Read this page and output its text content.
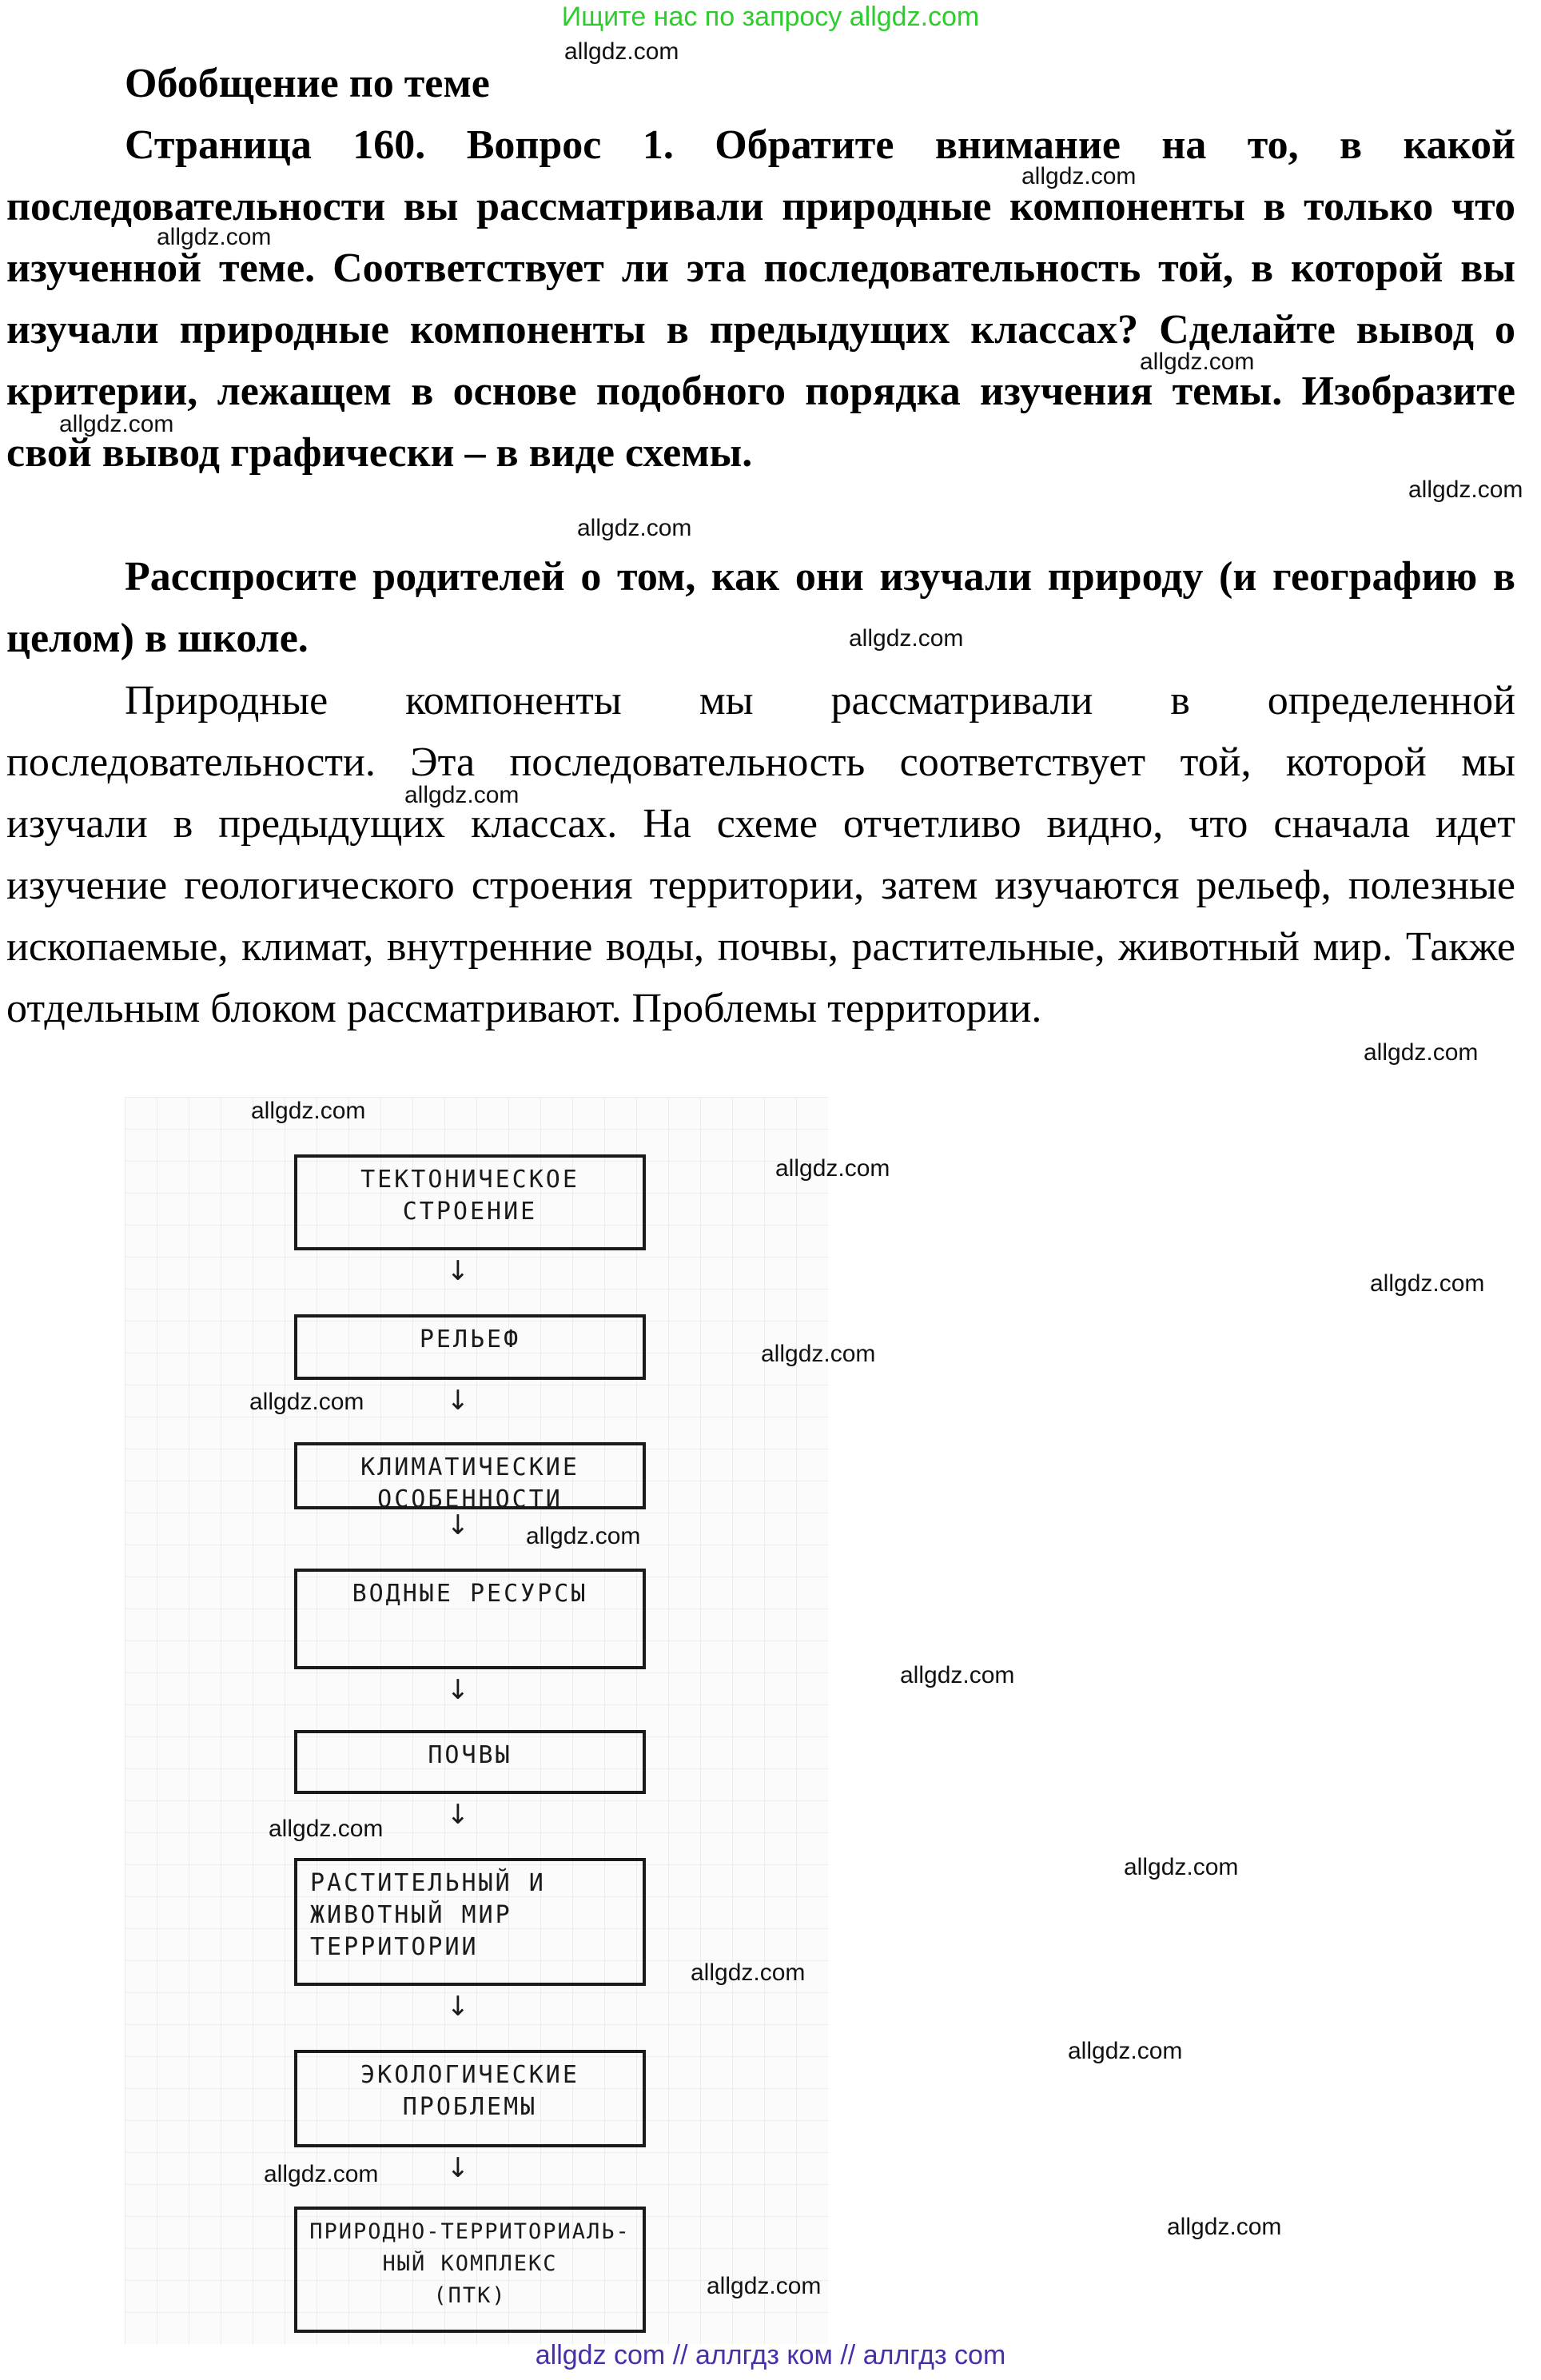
Ищите нас по запросу allgdz.com
Обобщение по теме
Страница 160. Вопрос 1. Обратите внимание на то, в какой последовательности вы рассматривали природные компоненты в только что изученной теме. Соответствует ли эта последовательность той, в которой вы изучали природные компоненты в предыдущих классах? Сделайте вывод о критерии, лежащем в основе подобного порядка изучения темы. Изобразите свой вывод графически – в виде схемы.
Расспросите родителей о том, как они изучали природу (и географию в целом) в школе.
Природные компоненты мы рассматривали в определенной последовательности. Эта последовательность соответствует той, которой мы изучали в предыдущих классах. На схеме отчетливо видно, что сначала идет изучение геологического строения территории, затем изучаются рельеф, полезные ископаемые, климат, внутренние воды, почвы, растительные, животный мир. Также отдельным блоком рассматривают. Проблемы территории.
ТЕКТОНИЧЕСКОЕ
СТРОЕНИЕ
↓
РЕЛЬЕФ
↓
КЛИМАТИЧЕСКИЕ
ОСОБЕННОСТИ
↓
ВОДНЫЕ РЕСУРСЫ
↓
ПОЧВЫ
↓
РАСТИТЕЛЬНЫЙ И
ЖИВОТНЫЙ МИР
ТЕРРИТОРИИ
↓
ЭКОЛОГИЧЕСКИЕ
ПРОБЛЕМЫ
↓
ПРИРОДНО-ТЕРРИТОРИАЛЬ-
НЫЙ КОМПЛЕКС
(ПТК)
allgdz.com
allgdz.com
allgdz.com
allgdz.com
allgdz.com
allgdz.com
allgdz.com
allgdz.com
allgdz.com
allgdz.com
allgdz.com
allgdz.com
allgdz.com
allgdz.com
allgdz.com
allgdz.com
allgdz.com
allgdz.com
allgdz.com
allgdz.com
allgdz.com
allgdz.com
allgdz.com
allgdz.com
allgdz com // аллгдз ком // аллгдз com
